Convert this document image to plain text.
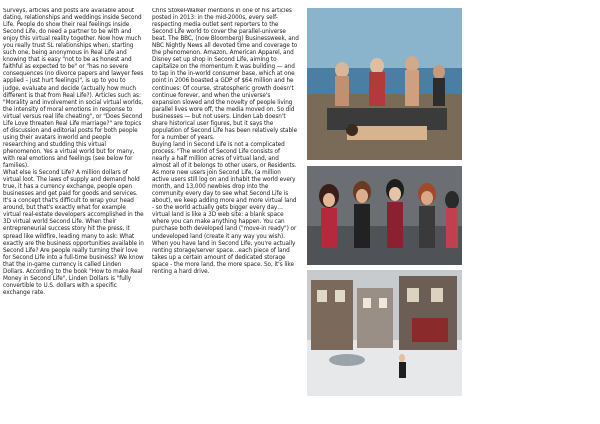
Surveys, articles and posts are available about dating, relationships and weddings inside Second Life. People do show their real feelings inside Second Life, do need a partner to be with and enjoy this virtual reality together. Now how much you really trust SL relationships when, starting such one, being anonymous in Real Life and knowing that is easy "not to be as honest and faithful as expected to be" or "has no severe consequences (no divorce papers and lawyer fees applied – just hurt feelings)", is up to you to judge, evaluate and decide (actually how much different is that from Real Life?). Articles such as: "Morality and involvement in social virtual worlds, the intensity of moral emotions in response to virtual versus real life cheating", or "Does Second Life Love threaten Real Life marriage?" are topics of discussion and editorial posts for both people using their avatars inworld and people researching and studding this virtual phenomenon. Yes a virtual world but for many, with real emotions and feelings (see below for families).
What else is Second Life? A million dollars of virtual loot. The laws of supply and demand hold true, it has a currency exchange, people open businesses and get paid for goods and services. It's a concept that's difficult to wrap your head around, but that's exactly what for example virtual real-estate developers accomplished in the 3D virtual world Second Life. When their entrepreneurial success story hit the press, it spread like wildfire, leading many to ask: What exactly are the business opportunities available in Second Life? Are people really turning their love for Second Life into a full-time business? We know that the in-game currency is called Linden Dollars. According to the book "How to make Real Money in Second Life", Linden Dollars is "fully convertible to U.S. dollars with a specific exchange rate.
Chris Stokel-Walker mentions in one of his articles posted in 2013: in the mid-2000s, every self-respecting media outlet sent reporters to the Second Life world to cover the parallel-universe beat. The BBC, (now Bloomberg) Businessweek, and NBC Nightly News all devoted time and coverage to the phenomenon. Amazon, American Apparel, and Disney set up shop in Second Life, aiming to capitalize on the momentum it was building — and to tap in the in-world consumer base, which at one point in 2006 boasted a GDP of $64 million and he continues: Of course, stratospheric growth doesn't continue forever, and when the universe's expansion slowed and the novelty of people living parallel lives wore off, the media moved on. So did businesses — but not users. Linden Lab doesn't share historical user figures, but it says the population of Second Life has been relatively stable for a number of years.
Buying land in Second Life is not a complicated process. "The world of Second Life consists of nearly a half million acres of virtual land, and almost all of it belongs to other users, or Residents. As more new users join Second Life, (a million active users still log on and inhabit the world every month, and 13,000 newbies drop into the community every day to see what Second Life is about), we keep adding more and more virtual land - so the world actually gets bigger every day…virtual land is like a 3D web site: a blank space where you can make anything happen. You can purchase both developed land ("move-in ready") or undeveloped land (create it any way you wish). When you have land in Second Life, you're actually renting storage/server space…each piece of land takes up a certain amount of dedicated storage space - the more land, the more space. So, it's like renting a hard drive.
